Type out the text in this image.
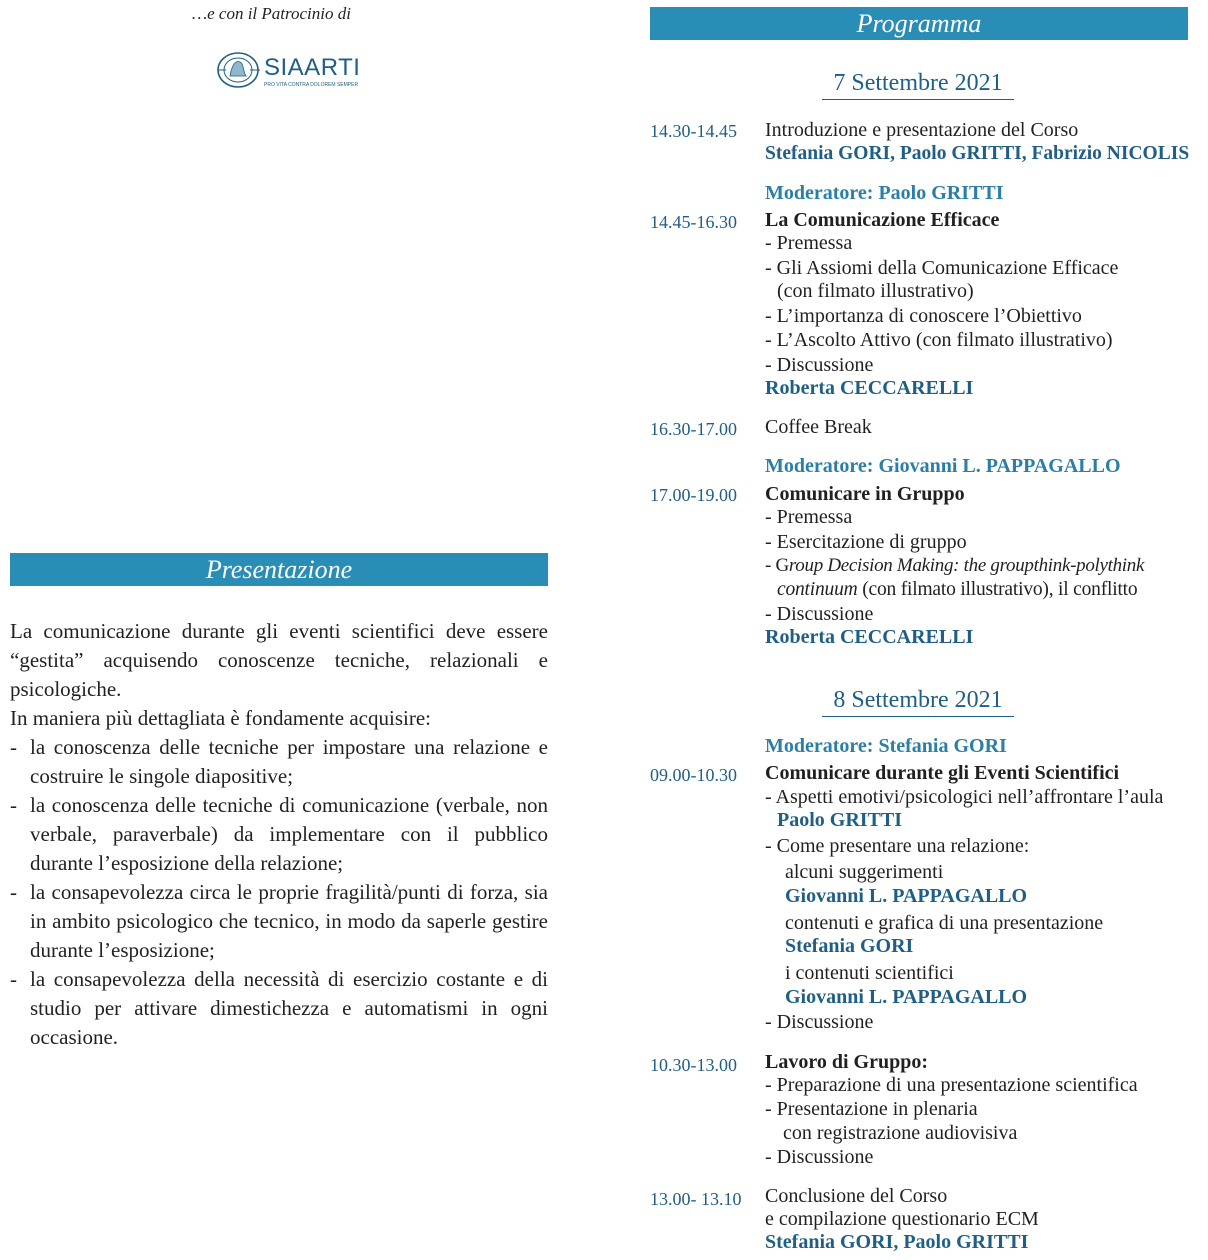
…e con il Patrocinio di
SIAARTI
PRO VITA CONTRA DOLOREM SEMPER
Presentazione
La comunicazione durante gli eventi scientifici deve essere “gestita” acquisendo conoscenze tecniche, relazionali e psicologiche.
In maniera più dettagliata è fondamente acquisire:
- la conoscenza delle tecniche per impostare una relazione e costruire le singole diapositive;
- la conoscenza delle tecniche di comunicazione (verbale, non verbale, paraverbale) da implementare con il pubblico durante l’esposizione della relazione;
- la consapevolezza circa le proprie fragilità/punti di forza, sia in ambito psicologico che tecnico, in modo da saperle gestire durante l’esposizione;
- la consapevolezza della necessità di esercizio costante e di studio per attivare dimestichezza e automatismi in ogni occasione.
Programma
7 Settembre 2021
14.30-14.45 Introduzione e presentazione del Corso
Stefania GORI, Paolo GRITTI, Fabrizio NICOLIS
Moderatore: Paolo GRITTI
14.45-16.30 La Comunicazione Efficace
- Premessa
- Gli Assiomi della Comunicazione Efficace
(con filmato illustrativo)
- L’importanza di conoscere l’Obiettivo
- L’Ascolto Attivo (con filmato illustrativo)
- Discussione
Roberta CECCARELLI
16.30-17.00 Coffee Break
Moderatore: Giovanni L. PAPPAGALLO
17.00-19.00 Comunicare in Gruppo
- Premessa
- Esercitazione di gruppo
- Group Decision Making: the groupthink-polythink
continuum (con filmato illustrativo), il conflitto
- Discussione
Roberta CECCARELLI
8 Settembre 2021
Moderatore: Stefania GORI
09.00-10.30 Comunicare durante gli Eventi Scientifici
- Aspetti emotivi/psicologici nell’affrontare l’aula
Paolo GRITTI
- Come presentare una relazione:
alcuni suggerimenti
Giovanni L. PAPPAGALLO
contenuti e grafica di una presentazione
Stefania GORI
i contenuti scientifici
Giovanni L. PAPPAGALLO
- Discussione
10.30-13.00 Lavoro di Gruppo:
- Preparazione di una presentazione scientifica
- Presentazione in plenaria
con registrazione audiovisiva
- Discussione
13.00- 13.10 Conclusione del Corso
e compilazione questionario ECM
Stefania GORI, Paolo GRITTI
